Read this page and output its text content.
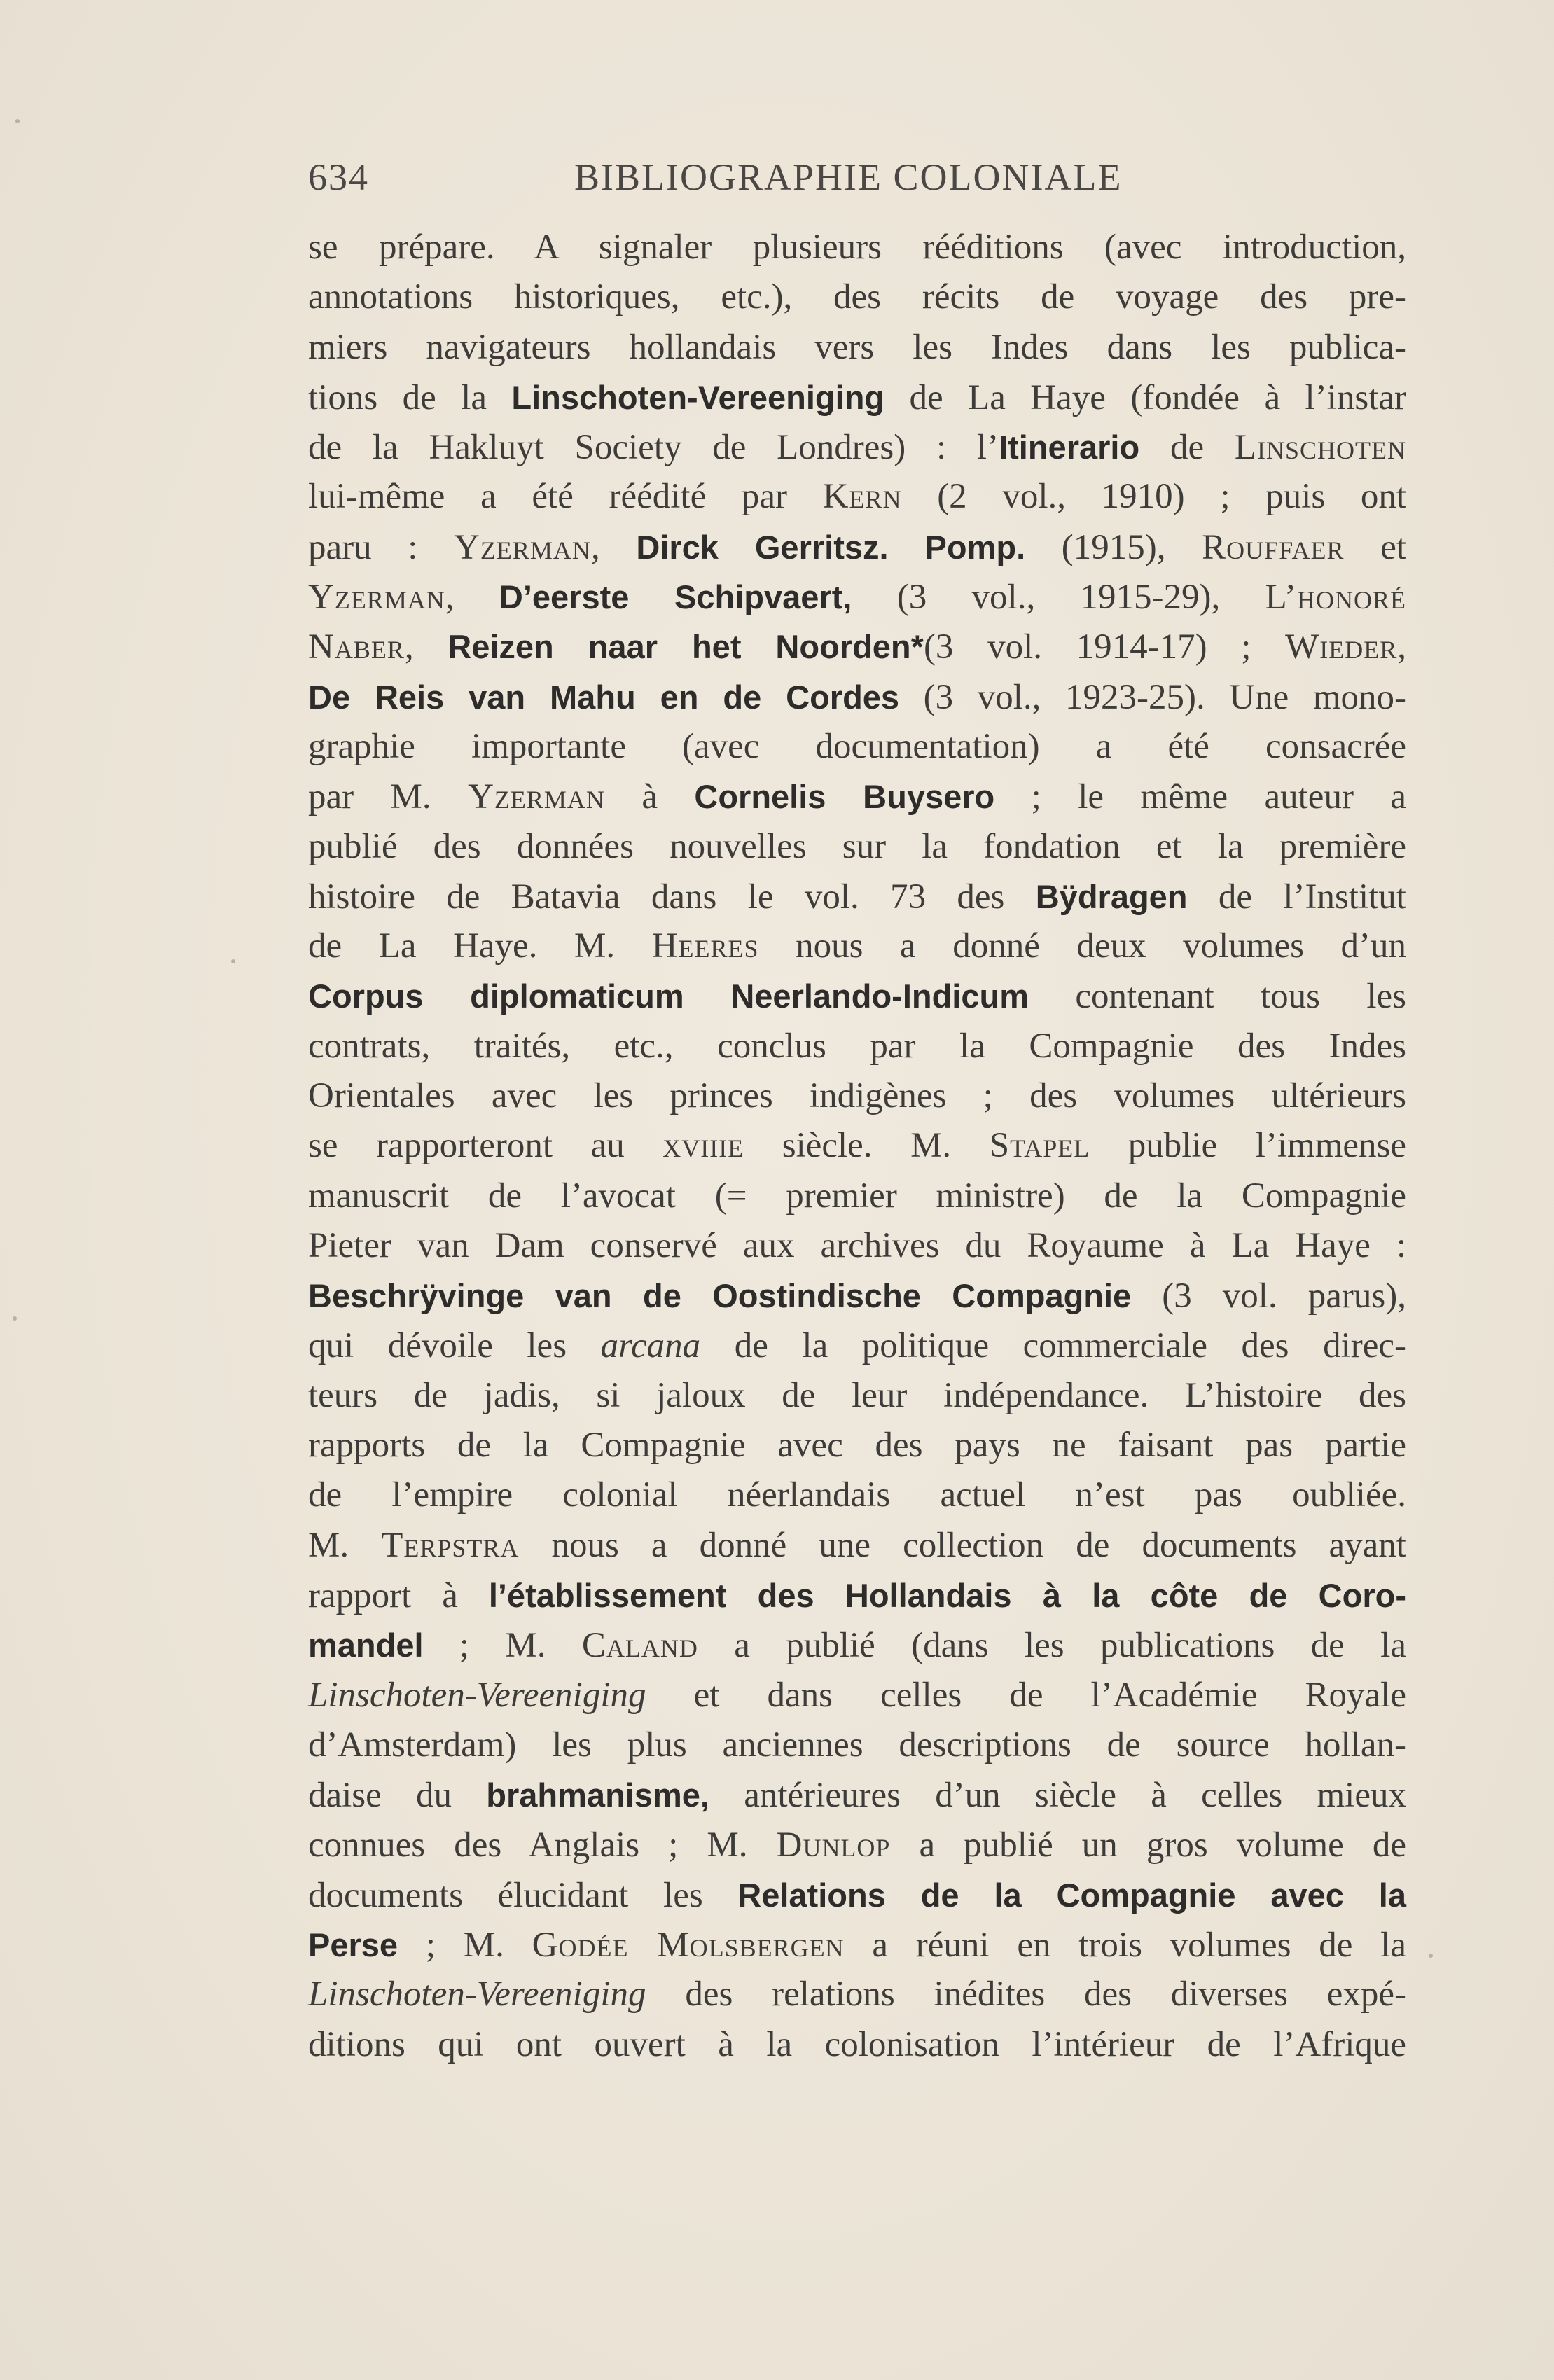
634	BIBLIOGRAPHIE COLONIALE
se prépare. A signaler plusieurs rééditions (avec introduction,
annotations historiques, etc.), des récits de voyage des pre-
miers navigateurs hollandais vers les Indes dans les publica-
tions de la Linschoten-Vereeniging de La Haye (fondée à l’instar
de la Hakluyt Society de Londres) : l’Itinerario de Linschoten
lui-même a été réédité par Kern (2 vol., 1910) ; puis ont
paru : Yzerman, Dirck Gerritsz. Pomp. (1915), Rouffaer et
Yzerman, D’eerste Schipvaert, (3 vol., 1915-29), L’honoré
Naber, Reizen naar het Noorden*(3 vol. 1914-17) ; Wieder,
De Reis van Mahu en de Cordes (3 vol., 1923-25). Une mono-
graphie importante (avec documentation) a été consacrée
par M. Yzerman à Cornelis Buysero ; le même auteur a
publié des données nouvelles sur la fondation et la première
histoire de Batavia dans le vol. 73 des Bÿdragen de l’Institut
de La Haye. M. Heeres nous a donné deux volumes d’un
Corpus diplomaticum Neerlando-Indicum contenant tous les
contrats, traités, etc., conclus par la Compagnie des Indes
Orientales avec les princes indigènes ; des volumes ultérieurs
se rapporteront au xviiie siècle. M. Stapel publie l’immense
manuscrit de l’avocat (= premier ministre) de la Compagnie
Pieter van Dam conservé aux archives du Royaume à La Haye :
Beschrÿvinge van de Oostindische Compagnie (3 vol. parus),
qui dévoile les arcana de la politique commerciale des direc-
teurs de jadis, si jaloux de leur indépendance. L’histoire des
rapports de la Compagnie avec des pays ne faisant pas partie
de l’empire colonial néerlandais actuel n’est pas oubliée.
M. Terpstra nous a donné une collection de documents ayant
rapport à l’établissement des Hollandais à la côte de Coro-
mandel ; M. Caland a publié (dans les publications de la
Linschoten-Vereeniging et dans celles de l’Académie Royale
d’Amsterdam) les plus anciennes descriptions de source hollan-
daise du brahmanisme, antérieures d’un siècle à celles mieux
connues des Anglais ; M. Dunlop a publié un gros volume de
documents élucidant les Relations de la Compagnie avec la
Perse ; M. Godée Molsbergen a réuni en trois volumes de la
Linschoten-Vereeniging des relations inédites des diverses expé-
ditions qui ont ouvert à la colonisation l’intérieur de l’Afrique
